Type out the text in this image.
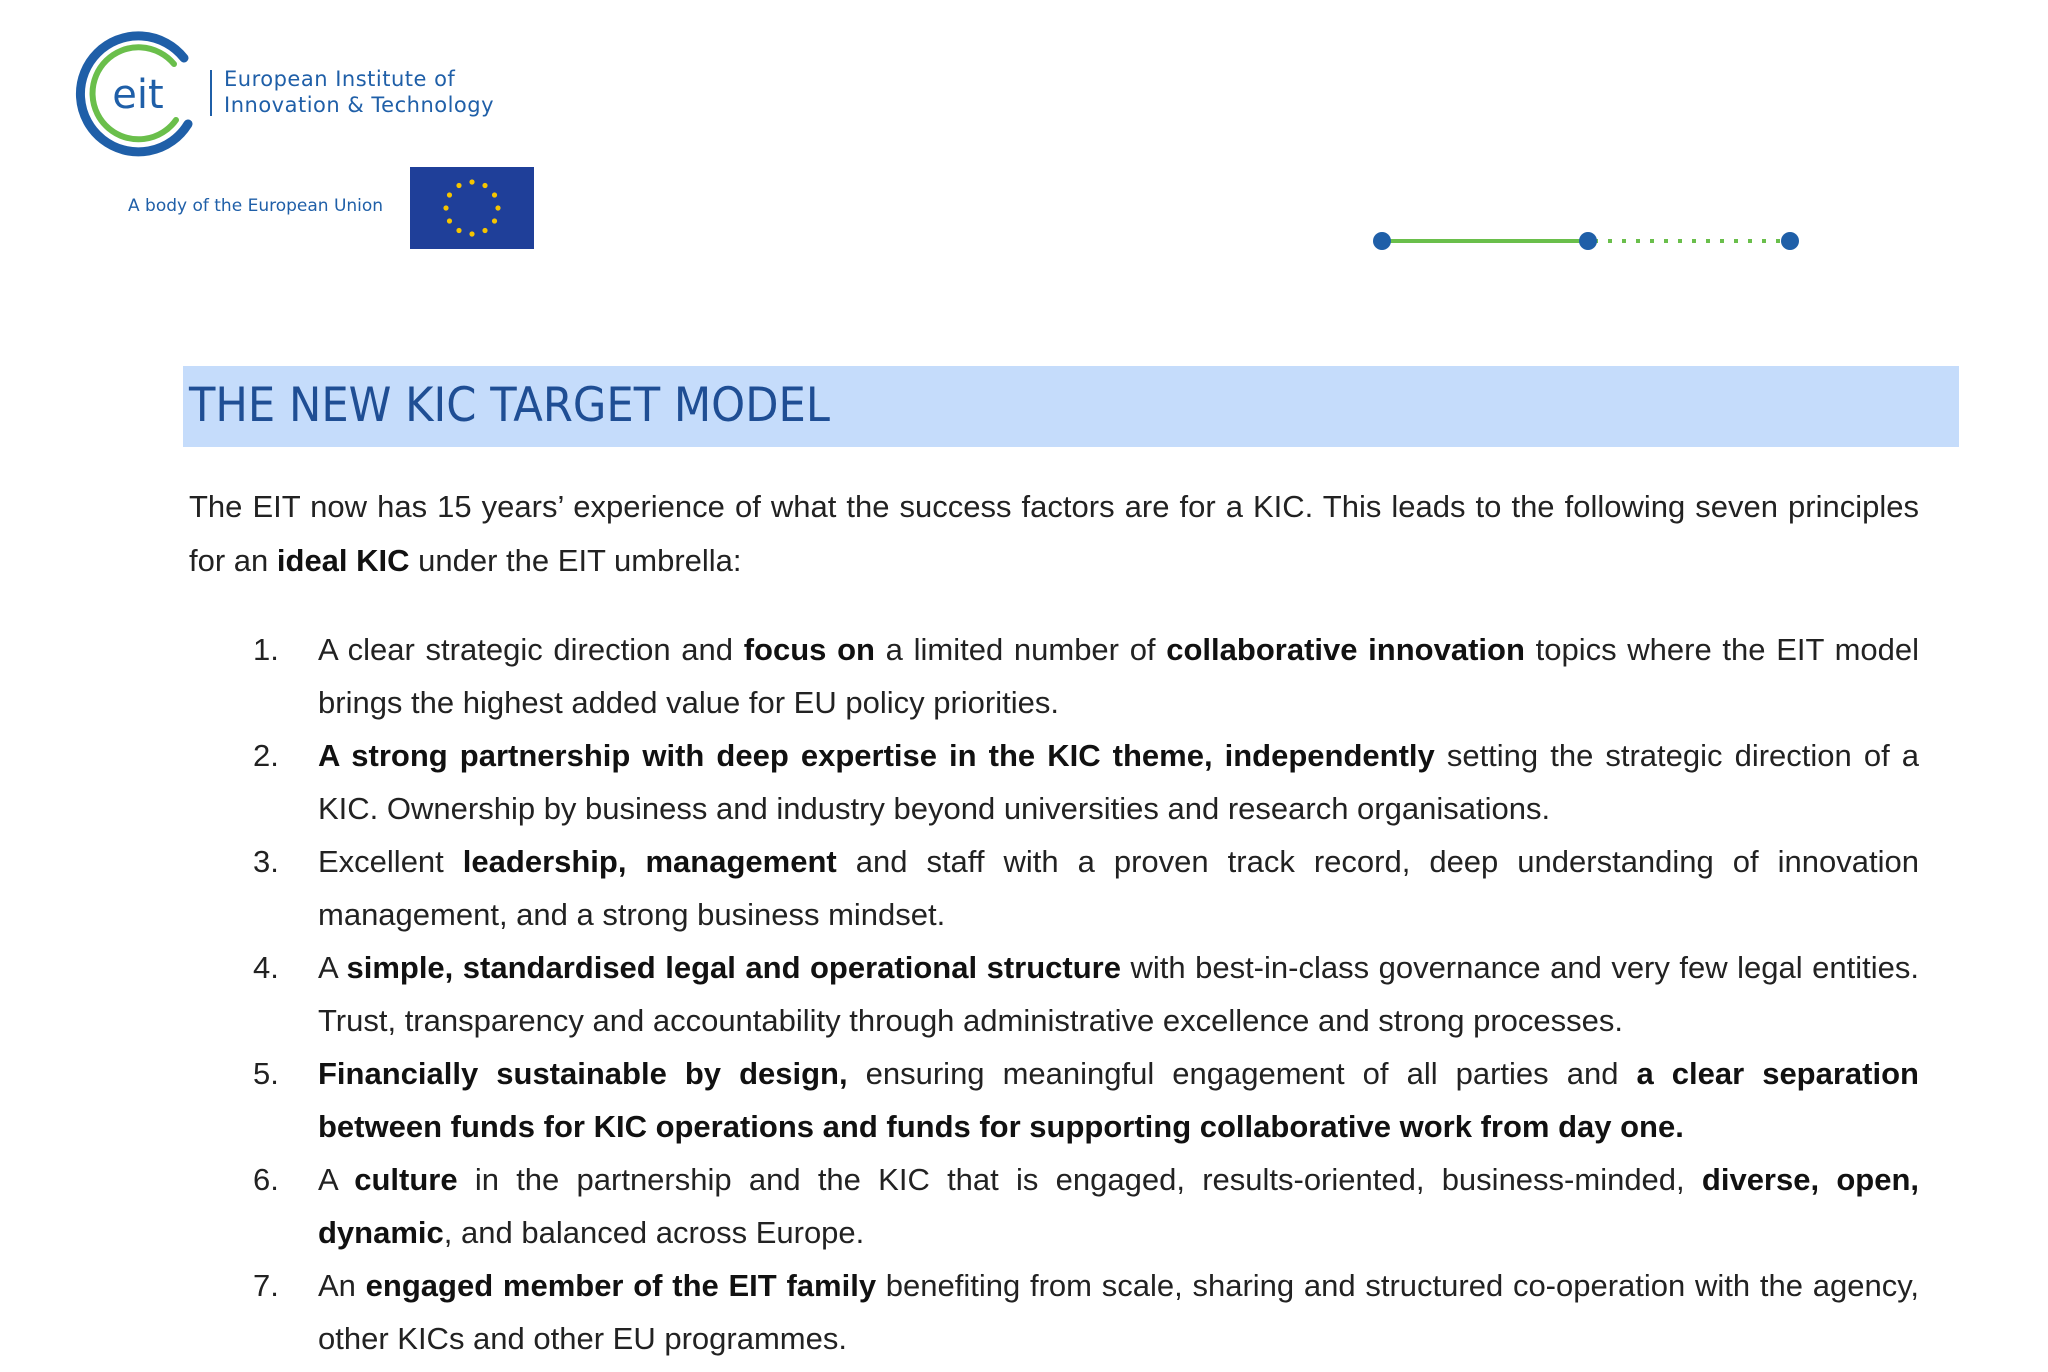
eit	European Institute of
Innovation & Technology
A body of the European Union
THE NEW KIC TARGET MODEL
The EIT now has 15 years’ experience of what the success factors are for a KIC. This leads to the following seven principles for an ideal KIC under the EIT umbrella:
1. A clear strategic direction and focus on a limited number of collaborative innovation topics where the EIT model brings the highest added value for EU policy priorities.
2. A strong partnership with deep expertise in the KIC theme, independently setting the strategic direction of a KIC. Ownership by business and industry beyond universities and research organisations.
3. Excellent leadership, management and staff with a proven track record, deep understanding of innovation management, and a strong business mindset.
4. A simple, standardised legal and operational structure with best-in-class governance and very few legal entities. Trust, transparency and accountability through administrative excellence and strong processes.
5. Financially sustainable by design, ensuring meaningful engagement of all parties and a clear separation between funds for KIC operations and funds for supporting collaborative work from day one.
6. A culture in the partnership and the KIC that is engaged, results-oriented, business-minded, diverse, open, dynamic, and balanced across Europe.
7. An engaged member of the EIT family benefiting from scale, sharing and structured co-operation with the agency, other KICs and other EU programmes.
